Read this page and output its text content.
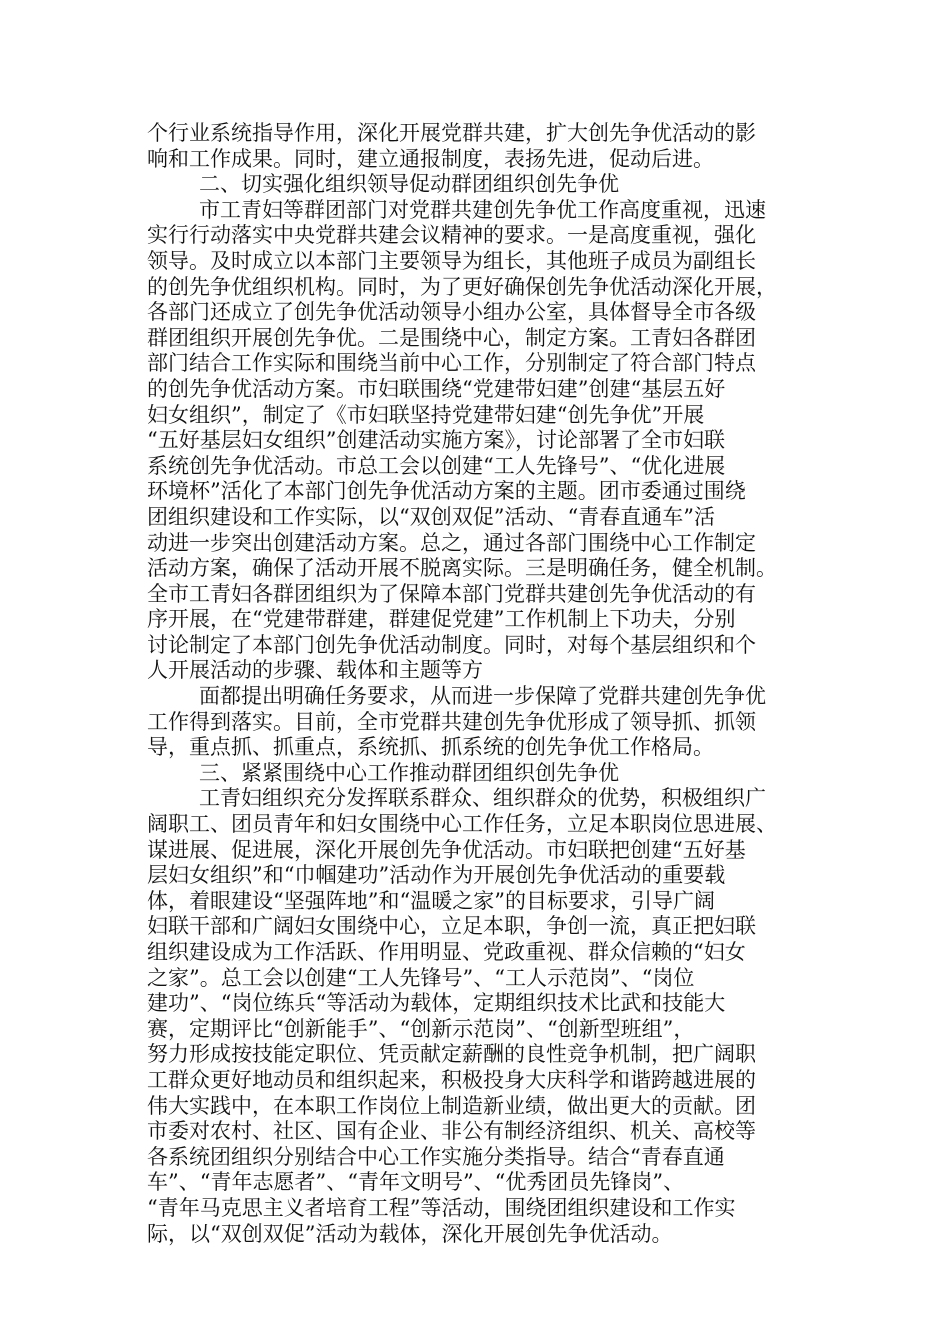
个行业系统指导作用，深化开展党群共建，扩大创先争优活动的影
响和工作成果。同时，建立通报制度，表扬先进，促动后进。
二、切实强化组织领导促动群团组织创先争优
市工青妇等群团部门对党群共建创先争优工作高度重视，迅速
实行行动落实中央党群共建会议精神的要求。一是高度重视，强化
领导。及时成立以本部门主要领导为组长，其他班子成员为副组长
的创先争优组织机构。同时，为了更好确保创先争优活动深化开展，
各部门还成立了创先争优活动领导小组办公室，具体督导全市各级
群团组织开展创先争优。二是围绕中心，制定方案。工青妇各群团
部门结合工作实际和围绕当前中心工作，分别制定了符合部门特点
的创先争优活动方案。市妇联围绕“党建带妇建”创建“基层五好
妇女组织”，制定了《市妇联坚持党建带妇建“创先争优”开展
“五好基层妇女组织”创建活动实施方案》，讨论部署了全市妇联
系统创先争优活动。市总工会以创建“工人先锋号”、“优化进展
环境杯”活化了本部门创先争优活动方案的主题。团市委通过围绕
团组织建设和工作实际，以“双创双促”活动、“青春直通车”活
动进一步突出创建活动方案。总之，通过各部门围绕中心工作制定
活动方案，确保了活动开展不脱离实际。三是明确任务，健全机制。
全市工青妇各群团组织为了保障本部门党群共建创先争优活动的有
序开展，在“党建带群建，群建促党建”工作机制上下功夫，分别
讨论制定了本部门创先争优活动制度。同时，对每个基层组织和个
人开展活动的步骤、载体和主题等方
面都提出明确任务要求，从而进一步保障了党群共建创先争优
工作得到落实。目前，全市党群共建创先争优形成了领导抓、抓领
导，重点抓、抓重点，系统抓、抓系统的创先争优工作格局。
三、紧紧围绕中心工作推动群团组织创先争优
工青妇组织充分发挥联系群众、组织群众的优势，积极组织广
阔职工、团员青年和妇女围绕中心工作任务，立足本职岗位思进展、
谋进展、促进展，深化开展创先争优活动。市妇联把创建“五好基
层妇女组织”和“巾帼建功”活动作为开展创先争优活动的重要载
体，着眼建设“坚强阵地”和“温暖之家”的目标要求，引导广阔
妇联干部和广阔妇女围绕中心，立足本职，争创一流，真正把妇联
组织建设成为工作活跃、作用明显、党政重视、群众信赖的“妇女
之家”。总工会以创建“工人先锋号”、“工人示范岗”、“岗位
建功”、“岗位练兵“等活动为载体，定期组织技术比武和技能大
赛，定期评比“创新能手”、“创新示范岗”、“创新型班组”，
努力形成按技能定职位、凭贡献定薪酬的良性竞争机制，把广阔职
工群众更好地动员和组织起来，积极投身大庆科学和谐跨越进展的
伟大实践中，在本职工作岗位上制造新业绩，做出更大的贡献。团
市委对农村、社区、国有企业、非公有制经济组织、机关、高校等
各系统团组织分别结合中心工作实施分类指导。结合“青春直通
车”、“青年志愿者”、“青年文明号”、“优秀团员先锋岗”、
“青年马克思主义者培育工程”等活动，围绕团组织建设和工作实
际，以“双创双促”活动为载体，深化开展创先争优活动。
